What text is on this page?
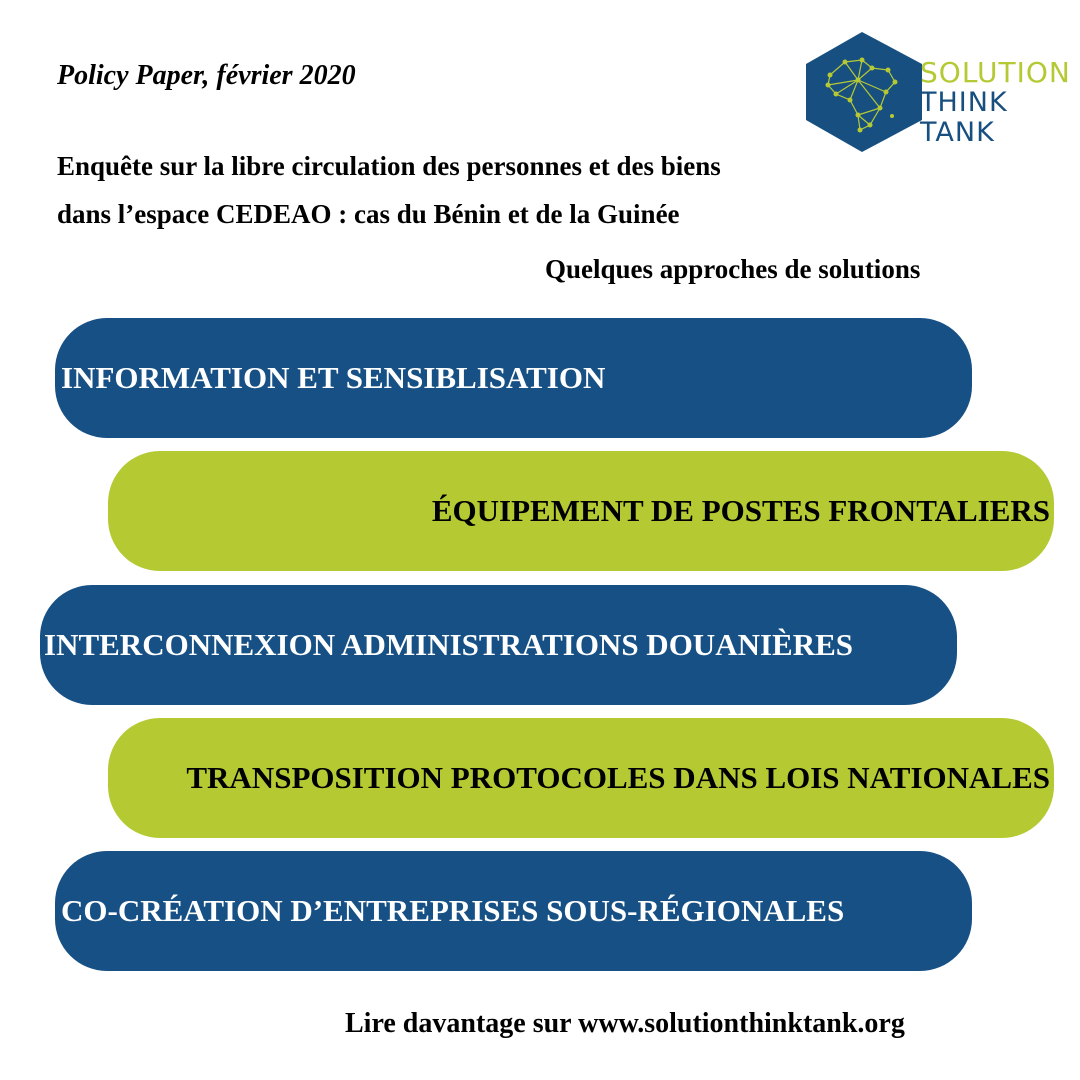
Policy Paper, février 2020
Enquête sur la libre circulation des personnes et des biens dans l’espace CEDEAO : cas du Bénin et de la Guinée
SOLUTION
THINK TANK
Quelques approches de solutions
INFORMATION ET SENSIBLISATION
ÉQUIPEMENT DE POSTES FRONTALIERS
INTERCONNEXION ADMINISTRATIONS DOUANIÈRES
TRANSPOSITION PROTOCOLES DANS LOIS NATIONALES
CO-CRÉATION D’ENTREPRISES SOUS-RÉGIONALES
Lire davantage sur www.solutionthinktank.org
